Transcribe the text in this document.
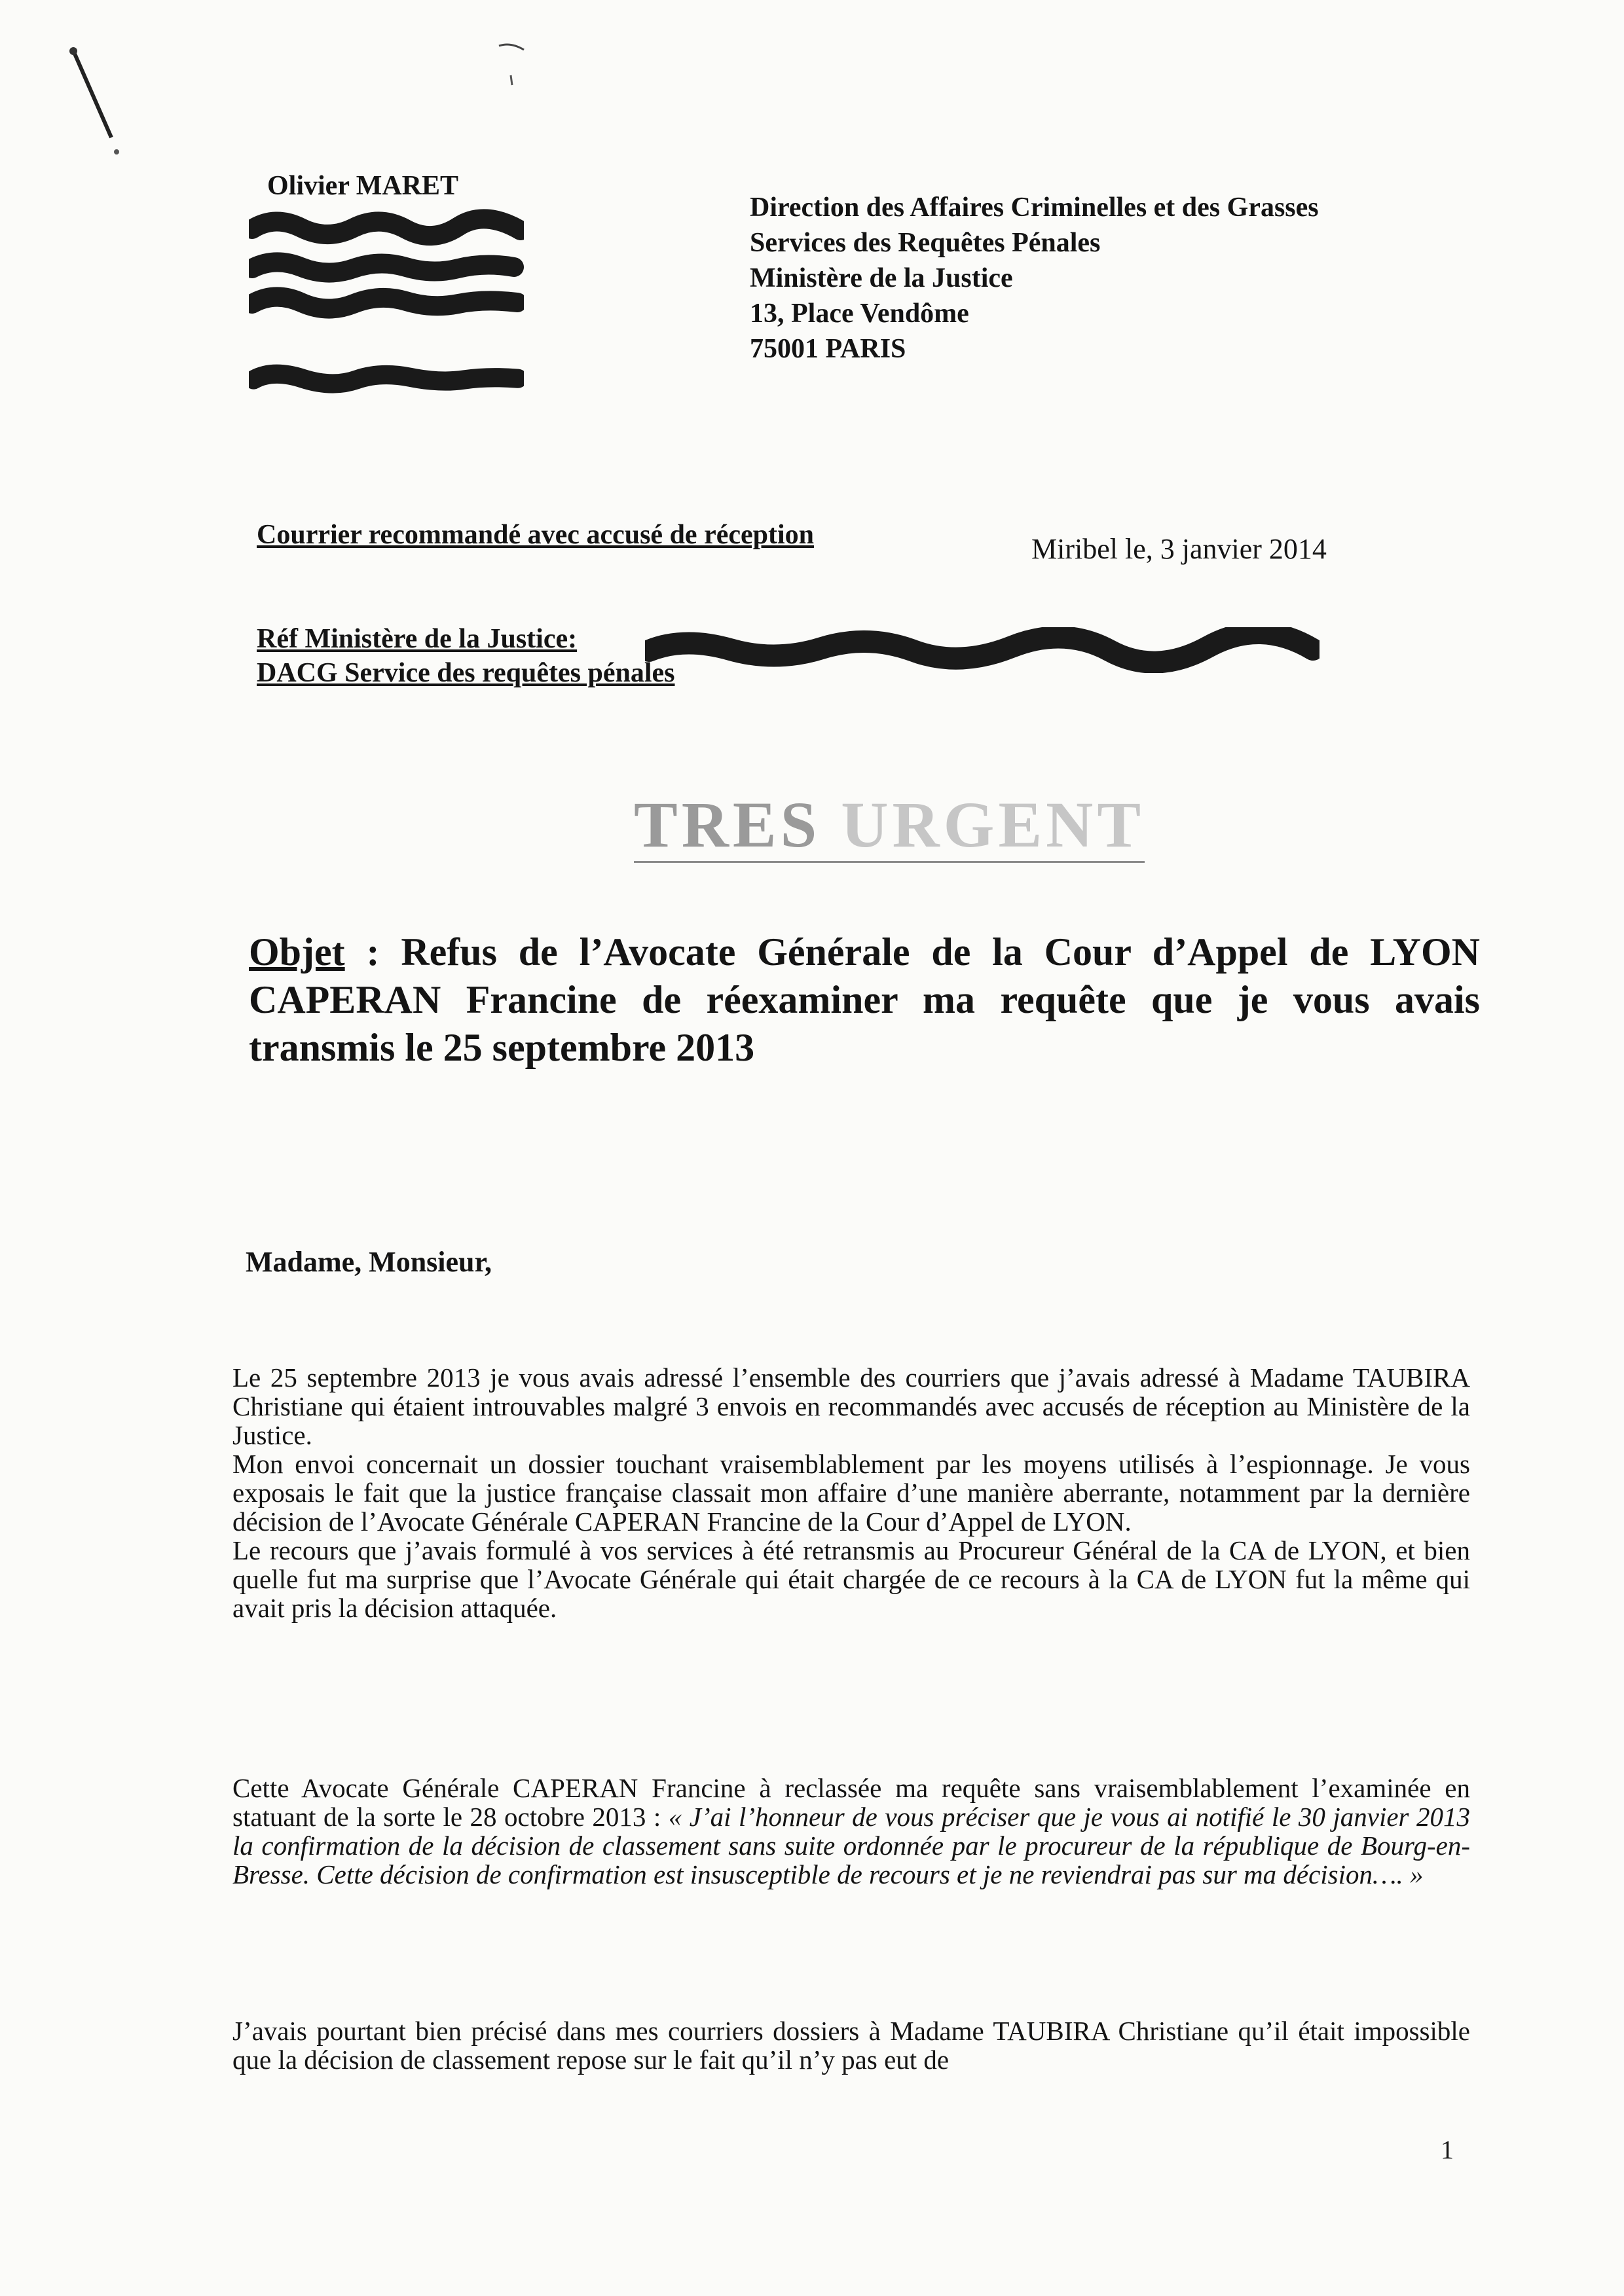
Olivier MARET
Direction des Affaires Criminelles et des Grasses
Services des Requêtes Pénales
Ministère de la Justice
13, Place Vendôme
75001 PARIS
Courrier recommandé avec accusé de réception	Miribel le, 3 janvier 2014
Réf Ministère de la Justice:
DACG Service des requêtes pénales
TRES URGENT
Objet : Refus de l’Avocate Générale de la Cour d’Appel de LYON CAPERAN Francine de réexaminer ma requête que je vous avais transmis le 25 septembre 2013
Madame, Monsieur,

Le 25 septembre 2013 je vous avais adressé l’ensemble des courriers que j’avais adressé à Madame TAUBIRA Christiane qui étaient introuvables malgré 3 envois en recommandés avec accusés de réception au Ministère de la Justice.

Mon envoi concernait un dossier touchant vraisemblablement par les moyens utilisés à l’espionnage. Je vous exposais le fait que la justice française classait mon affaire d’une manière aberrante, notamment par la dernière décision de l’Avocate Générale CAPERAN Francine de la Cour d’Appel de LYON.

Le recours que j’avais formulé à vos services à été retransmis au Procureur Général de la CA de LYON, et bien quelle fut ma surprise que l’Avocate Générale qui était chargée de ce recours à la CA de LYON fut la même qui avait pris la décision attaquée.

Cette Avocate Générale CAPERAN Francine à reclassée ma requête sans vraisemblablement l’examinée en statuant de la sorte le 28 octobre 2013 : « J’ai l’honneur de vous préciser que je vous ai notifié le 30 janvier 2013 la confirmation de la décision de classement sans suite ordonnée par le procureur de la république de Bourg-en-Bresse. Cette décision de confirmation est insusceptible de recours et je ne reviendrai pas sur ma décision…. »

J’avais pourtant bien précisé dans mes courriers dossiers à Madame TAUBIRA Christiane qu’il était impossible que la décision de classement repose sur le fait qu’il n’y pas eut de

1
